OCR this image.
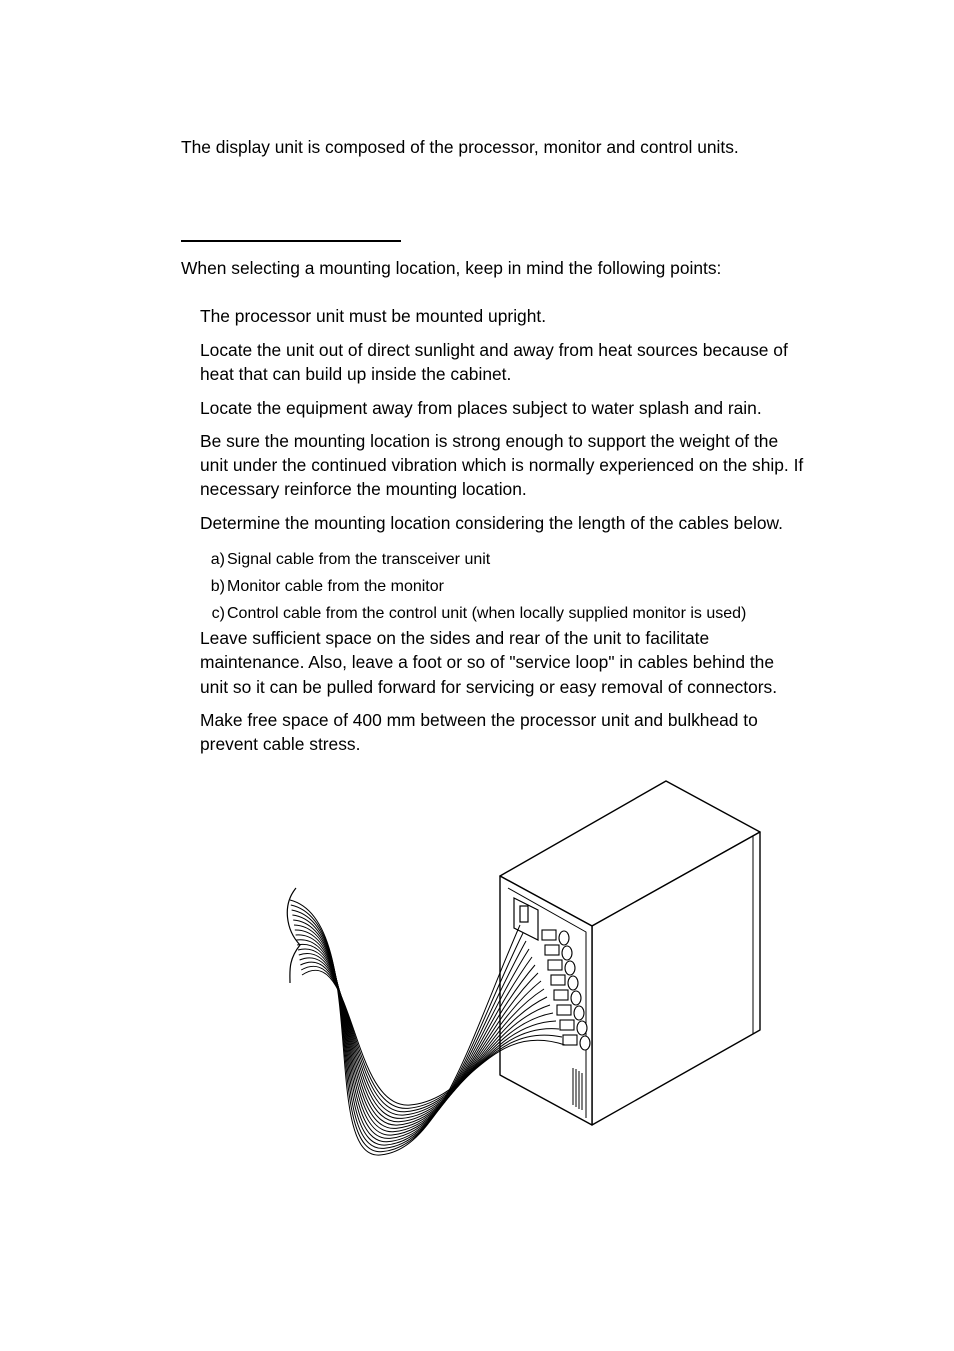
The display unit is composed of the processor, monitor and control units.
When selecting a mounting location, keep in mind the following points:
The processor unit must be mounted upright.
Locate the unit out of direct sunlight and away from heat sources because of
heat that can build up inside the cabinet.
Locate the equipment away from places subject to water splash and rain.
Be sure the mounting location is strong enough to support the weight of the
unit under the continued vibration which is normally experienced on the ship. If
necessary reinforce the mounting location.
Determine the mounting location considering the length of the cables below.
a) Signal cable from the transceiver unit
b) Monitor cable from the monitor
c) Control cable from the control unit (when locally supplied monitor is used)
Leave sufficient space on the sides and rear of the unit to facilitate
maintenance. Also, leave a foot or so of "service loop" in cables behind the
unit so it can be pulled forward for servicing or easy removal of connectors.
Make free space of 400 mm between the processor unit and bulkhead to
prevent cable stress.
